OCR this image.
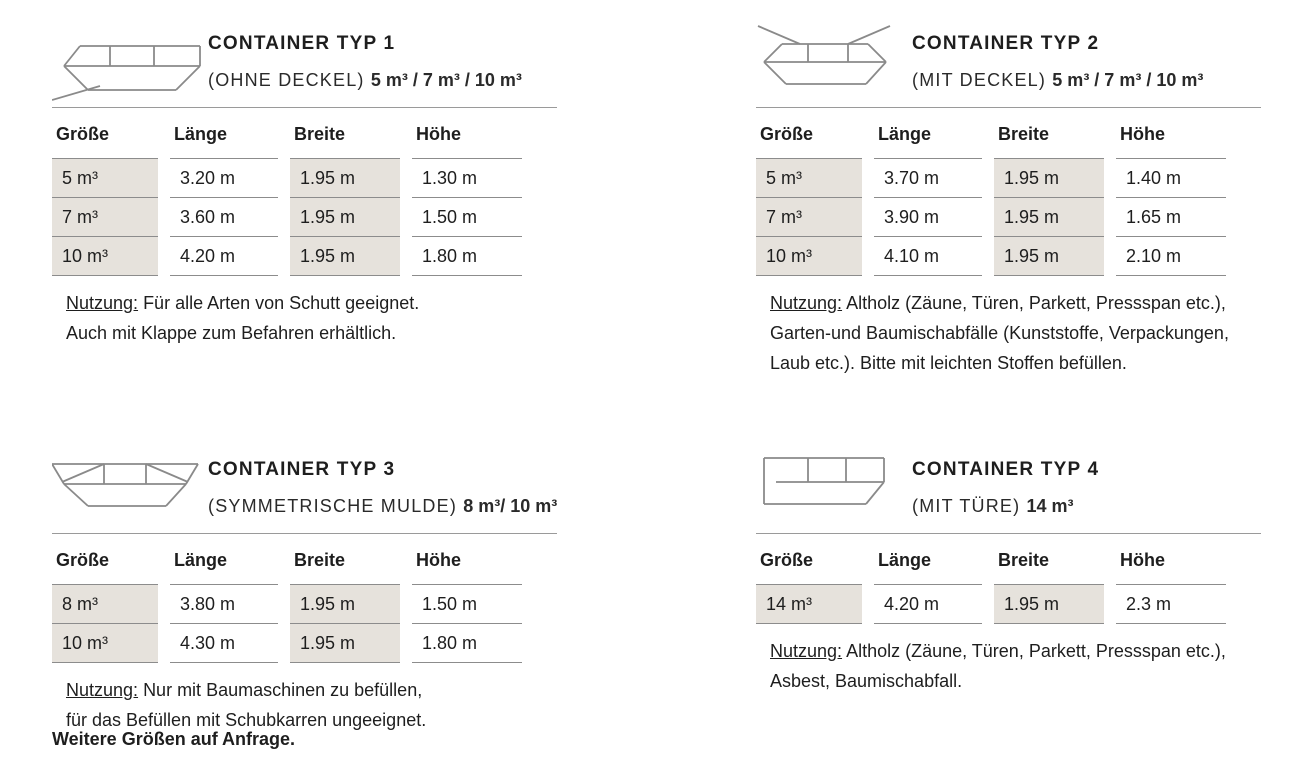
CONTAINER TYP 1
(OHNE DECKEL) 5 m³ / 7 m³ / 10 m³
Größe		Länge		Breite		Höhe
5 m³		3.20 m		1.95 m		1.30 m
7 m³		3.60 m		1.95 m		1.50 m
10 m³		4.20 m		1.95 m		1.80 m
Nutzung: Für alle Arten von Schutt geeignet.
Auch mit Klappe zum Befahren erhältlich.
CONTAINER TYP 2
(MIT DECKEL) 5 m³ / 7 m³ / 10 m³
Größe		Länge		Breite		Höhe
5 m³		3.70 m		1.95 m		1.40 m
7 m³		3.90 m		1.95 m		1.65 m
10 m³		4.10 m		1.95 m		2.10 m
Nutzung: Altholz (Zäune, Türen, Parkett, Pressspan etc.),
Garten-und Baumischabfälle (Kunststoffe, Verpackungen,
Laub etc.). Bitte mit leichten Stoffen befüllen.
CONTAINER TYP 3
(SYMMETRISCHE MULDE) 8 m³/ 10 m³
Größe		Länge		Breite		Höhe
8 m³		3.80 m		1.95 m		1.50 m
10 m³		4.30 m		1.95 m		1.80 m
Nutzung: Nur mit Baumaschinen zu befüllen,
für das Befüllen mit Schubkarren ungeeignet.
CONTAINER TYP 4
(MIT TÜRE) 14 m³
Größe		Länge		Breite		Höhe
14 m³		4.20 m		1.95 m		2.3 m
Nutzung: Altholz (Zäune, Türen, Parkett, Pressspan etc.),
Asbest, Baumischabfall.
Weitere Größen auf Anfrage.
